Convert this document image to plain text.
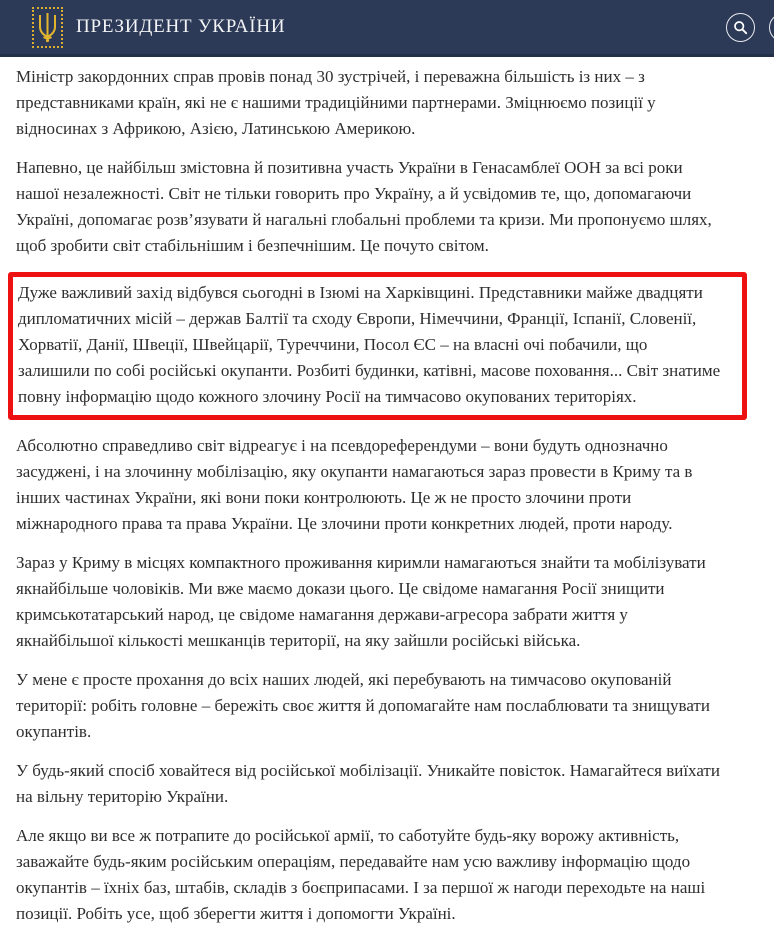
ПРЕЗИДЕНТ УКРАЇНИ

Міністр закордонних справ провів понад 30 зустрічей, і переважна більшість із них – з представниками країн, які не є нашими традиційними партнерами. Зміцнюємо позиції у відносинах з Африкою, Азією, Латинською Америкою.

Напевно, це найбільш змістовна й позитивна участь України в Генасамблеї ООН за всі роки нашої незалежності. Світ не тільки говорить про Україну, а й усвідомив те, що, допомагаючи Україні, допомагає розв’язувати й нагальні глобальні проблеми та кризи. Ми пропонуємо шлях, щоб зробити світ стабільнішим і безпечнішим. Це почуто світом.

Дуже важливий захід відбувся сьогодні в Ізюмі на Харківщині. Представники майже двадцяти дипломатичних місій – держав Балтії та сходу Європи, Німеччини, Франції, Іспанії, Словенії, Хорватії, Данії, Швеції, Швейцарії, Туреччини, Посол ЄС – на власні очі побачили, що залишили по собі російські окупанти. Розбиті будинки, катівні, масове поховання... Світ знатиме повну інформацію щодо кожного злочину Росії на тимчасово окупованих територіях.

Абсолютно справедливо світ відреагує і на псевдореферендуми – вони будуть однозначно засуджені, і на злочинну мобілізацію, яку окупанти намагаються зараз провести в Криму та в інших частинах України, які вони поки контролюють. Це ж не просто злочини проти міжнародного права та права України. Це злочини проти конкретних людей, проти народу.

Зараз у Криму в місцях компактного проживання киримли намагаються знайти та мобілізувати якнайбільше чоловіків. Ми вже маємо докази цього. Це свідоме намагання Росії знищити кримськотатарський народ, це свідоме намагання держави-агресора забрати життя у якнайбільшої кількості мешканців території, на яку зайшли російські війська.

У мене є просте прохання до всіх наших людей, які перебувають на тимчасово окупованій території: робіть головне – бережіть своє життя й допомагайте нам послаблювати та знищувати окупантів.

У будь-який спосіб ховайтеся від російської мобілізації. Уникайте повісток. Намагайтеся виїхати на вільну територію України.

Але якщо ви все ж потрапите до російської армії, то саботуйте будь-яку ворожу активність, заважайте будь-яким російським операціям, передавайте нам усю важливу інформацію щодо окупантів – їхніх баз, штабів, складів з боєприпасами. І за першої ж нагоди переходьте на наші позиції. Робіть усе, щоб зберегти життя і допомогти Україні.
